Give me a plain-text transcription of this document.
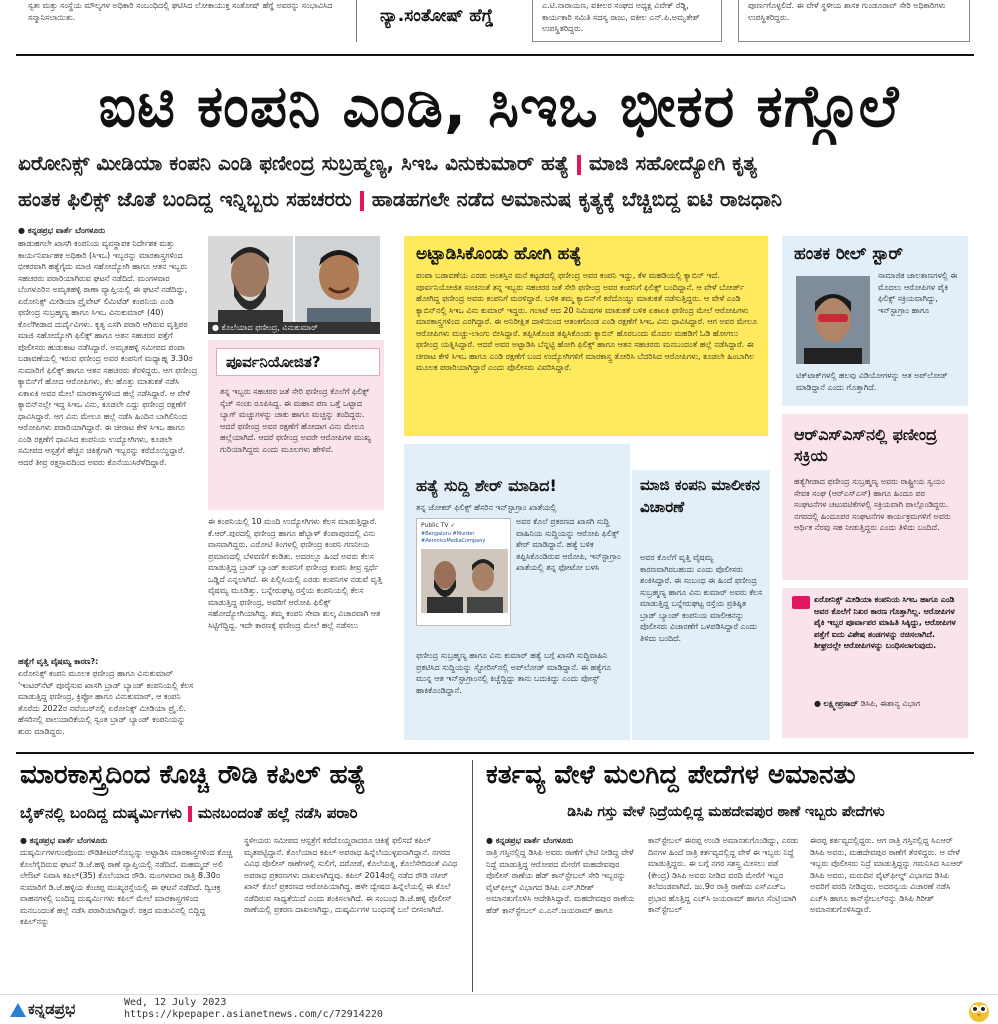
ಸ್ವತಃ ಮತ್ತು ಸಂಸ್ಥೆಯ ಮೌಲ್ಯಗಳ ಅಧಿಕಾರಿ ಸಂಬಂಧಿದಲ್ಲಿ ಘಟಿಸಿದ ಲೋಕಾಯುಕ್ತ ಸಂತೋಷ್ ಹೆಗ್ಡೆ ಅವರನ್ನು ಸಂಭಾವಿಸಿದ ಸನ್ಮಾನಿಸಲಾಯಿತು.	ನ್ಯಾ.ಸಂತೋಷ್ ಹೆಗ್ಡೆ
ಎ.ಟಿ.ನಾರಾಯಣ, ವಕೀಲರ ಸಂಘದ ಅಧ್ಯಕ್ಷ ವಿವೇಕ್ ರೆಡ್ಡಿ, ಕಾರ್ಯಕಾರಿ ಸಮಿತಿ ಸದಸ್ಯ ರಾಜು, ವಕೀಲ ಎನ್.ಪಿ.ಅಮೃತೇಶ್ ಉಪಸ್ಥಿತರಿದ್ದರು.
ಪೂರ್ಣಗೊಳ್ಳಲಿದೆ. ಈ ವೇಳೆ ಸ್ಥಳೀಯ ಶಾಸಕ ಗುಂಡೂರಾವ್ ಸೇರಿ ಅಧಿಕಾರಿಗಳು ಉಪಸ್ಥಿತರಿದ್ದರು.
ಐಟಿ ಕಂಪನಿ ಎಂಡಿ, ಸಿಇಒ ಭೀಕರ ಕಗ್ಗೊಲೆ
ಏರೋನಿಕ್ಸ್ ಮೀಡಿಯಾ ಕಂಪನಿ ಎಂಡಿ ಫಣೀಂದ್ರ ಸುಬ್ರಹ್ಮಣ್ಯ, ಸಿಇಒ ವಿನುಕುಮಾರ್ ಹತ್ಯೆ ಮಾಜಿ ಸಹೋದ್ಯೋಗಿ ಕೃತ್ಯ
ಹಂತಕ ಫಿಲಿಕ್ಸ್ ಜೊತೆ ಬಂದಿದ್ದ ಇನ್ನಿಬ್ಬರು ಸಹಚರರು ಹಾಡಹಗಲೇ ನಡೆದ ಅಮಾನುಷ ಕೃತ್ಯಕ್ಕೆ ಬೆಚ್ಚಿಬಿದ್ದ ಐಟಿ ರಾಜಧಾನಿ
● ಕನ್ನಡಪ್ರಭ ವಾರ್ತೆ ಬೆಂಗಳೂರು
ಹಾಡುಹಗಲೇ ಖಾಸಗಿ ಕಂಪನಿಯ ವ್ಯವಸ್ಥಾಪಕ ನಿರ್ದೇಶಕ ಮತ್ತು ಕಾರ್ಯನಿರ್ವಾಹಕ ಅಧಿಕಾರಿ (ಸಿಇಒ) ಇಬ್ಬರನ್ನು ಮಾರಕಾಸ್ತ್ರಗಳಿಂದ ಭೀಕರವಾಗಿ ಹತ್ಯೆಗೈದು ಮಾಜಿ ಸಹೋದ್ಯೋಗಿ ಹಾಗೂ ಆತನ ಇಬ್ಬರು ಸಹಚರರು ಪರಾರಿಯಾಗಿರುವ ಘಟನೆ ನಡೆದಿದೆ. ಮಂಗಳವಾರ ಬೆಂಗಳೂರಿನ ಅಮೃತಹಳ್ಳಿ ಠಾಣಾ ವ್ಯಾಪ್ತಿಯಲ್ಲಿ ಈ ಘಟನೆ ನಡೆದಿದ್ದು, ಏರೋನಿಕ್ಸ್ ಮೀಡಿಯಾ ಪ್ರೈವೇಟ್ ಲಿಮಿಟೆಡ್ ಕಂಪನಿಯ ಎಂಡಿ ಫಣೀಂದ್ರ ಸುಬ್ರಹ್ಮಣ್ಯ ಹಾಗೂ ಸಿಇಒ ವಿನುಕುಮಾರ್ (40) ಕೊಲೆಗೀಡಾದ ದುರ್ದೈವಿಗಳು. ಕೃತ್ಯ ಎಸಗಿ ಪರಾರಿ ಆಗಿರುವ ವೃತ್ತಿಪರ ಮಾಜಿ ಸಹೋದ್ಯೋಗಿ ಫಿಲಿಕ್ಸ್ ಹಾಗೂ ಆತನ ಸಹಚರರ ಪತ್ತೆಗೆ ಪೊಲೀಸರು ಹುಡುಕಾಟ ನಡೆಸಿದ್ದಾರೆ. ಅಮೃತಹಳ್ಳಿ ಸಮೀಪದ ಪಂಪಾ ಬಡಾವಣೆಯಲ್ಲಿ ಇರುವ ಫಣೀಂದ್ರ ಅವರ ಕಂಪನಿಗೆ ಮಧ್ಯಾಹ್ನ 3.30ರ ಸುಮಾರಿಗೆ ಫಿಲಿಕ್ಸ್ ಹಾಗೂ ಆತನ ಸಹಚರರು ತೆರಳಿದ್ದರು. ಆಗ ಫಣೀಂದ್ರ ಕ್ಯಾಬಿನ್‌ಗೆ ಹೋದ ಆರೋಪಿಗಳು, ಕೆಲ ಹೊತ್ತು ಮಾತುಕತೆ ನಡೆಸಿ ಏಕಾಏಕಿ ಅವರ ಮೇಲೆ ಮಾರಕಾಸ್ತ್ರಗಳಿಂದ ಹಲ್ಲೆ ನಡೆಸಿದ್ದಾರೆ. ಆ ವೇಳೆ ಕ್ಯಾಬಿನ್‌ನಲ್ಲೇ ಇದ್ದ ಸಿಇಒ ವಿನು, ಕೂಡಲೇ ಎದ್ದು ಫಣೀಂದ್ರ ರಕ್ಷಣೆಗೆ ಧಾವಿಸಿದ್ದಾರೆ. ಆಗ ವಿನು ಮೇಲೂ ಹಲ್ಲೆ ನಡೆಸಿ ಹಿಂದಿನ ಬಾಗಿಲಿನಿಂದ ಆರೋಪಿಗಳು ಪರಾರಿಯಾಗಿದ್ದಾರೆ. ಈ ಚೀರಾಟ ಕೇಳಿ ಸಿಇಒ ಹಾಗೂ ಎಂಡಿ ರಕ್ಷಣೆಗೆ ಧಾವಿಸಿದ ಕಂಪನಿಯ ಉದ್ಯೋಗಿಗಳು, ಕೂಡಲೇ ಸಮೀಪದ ಆಸ್ಪತ್ರೆಗೆ ಹೆಚ್ಚಿನ ಚಿಕಿತ್ಸೆಗಾಗಿ ಇಬ್ಬರನ್ನು ಕರೆದೊಯ್ದಿದ್ದಾರೆ. ಆದರೆ ತೀವ್ರ ರಕ್ತಸ್ರಾವದಿಂದ ಅವರು ಕೊನೆಯುಸಿರೆಳೆದಿದ್ದಾರೆ.
ಹತ್ಯೆಗೆ ವೃತ್ತಿ ವೈಷಮ್ಯ ಕಾರಣ?:
ಏರೋನಿಕ್ಸ್ ಕಂಪನಿ ಮೂಲಕ ಫಣೀಂದ್ರ ಹಾಗೂ ವಿನುಕುಮಾರ್ 'ಇಂಟರ್‌ನೆಟ್ ಪೂರೈಸುವ ಖಾಸಗಿ ಬ್ರಾಡ್ ಬ್ಯಾಂಡ್ ಕಂಪನಿಯಲ್ಲಿ ಕೆಲಸ ಮಾಡುತ್ತಿದ್ದ ಫಣೀಂದ್ರ, ಕ್ರಿಪ್ಟೋ ಹಾಗೂ ವಿನುಕುಮಾರ್, ಆ ಕಂಪನಿ ತೊರೆದು 2022ರ ನವೆಂಬರ್‌ನಲ್ಲಿ ಏರೋನಿಕ್ಸ್ ಮೀಡಿಯಾ ಪ್ರೈ.ಲಿ. ಹೆಸರಿನಲ್ಲಿ ಪಾಲುದಾರಿಕೆಯಲ್ಲಿ ಸ್ವಂತ ಬ್ರಾಡ್ ಬ್ಯಾಂಡ್ ಕಂಪನಿಯನ್ನು ಶುರು ಮಾಡಿದ್ದರು.
● ಕೊಲೆಯಾದ ಫಣೀಂದ್ರ, ವಿನುಕುಮಾರ್
ಪೂರ್ವನಿಯೋಜಿತ?
ತನ್ನ ಇಬ್ಬರು ಸಹಚರರ ಜತೆ ಸೇರಿ ಫಣೀಂದ್ರ ಕೊಲೆಗೆ ಫಿಲಿಕ್ಸ್ ಸ್ಕೆಚ್ ಸಂಚು ರೂಪಿಸಿದ್ದ. ಈ ಮಹಾನ ಪಣ ಒತ್ತೆ ಒಟ್ಟಾದ ಬ್ಯಾಗ್ ಮಚ್ಚುಗಳನ್ನು ಚಾಕು ಹಾಗೂ ಮಚ್ಚನ್ನು ತಂದಿದ್ದರು. ಆದರೆ ಫಣೀಂದ್ರ ಅವರ ರಕ್ಷಣೆಗೆ ಹೋದಾಗ ವಿನು ಮೇಲೂ ಹಲ್ಲೆಯಾಗಿದೆ. ಆದರೆ ಫಣೀಂದ್ರ ಅವರೇ ಆರೋಪಿಗಳ ಮುಖ್ಯ ಗುರಿಯಾಗಿದ್ದರು ಎಂದು ಮೂಲಗಳು ಹೇಳಿವೆ.
ಈ ಕಂಪನಿಯಲ್ಲಿ 10 ಮಂದಿ ಉದ್ಯೋಗಿಗಳು ಕೆಲಸ ಮಾಡುತ್ತಿದ್ದಾರೆ. ಕೆ.ಆರ್.ಪುರದಲ್ಲಿ ಫಣೀಂದ್ರ ಹಾಗೂ ಹೆಬ್ಬಾಳ್‌ ಕೆಂಪಾಪುರದಲ್ಲಿ ವಿನು ವಾಸವಾಗಿದ್ದರು. ಎರೋಟಿ ತಿಂಗಳಲ್ಲಿ ಫಣೀಂದ್ರ ಕಂಪನಿ ಗಣನೀಯ ಪ್ರಮಾಣದಲ್ಲಿ ಬೆಳವಣಿಗೆ ಕಂಡಿತು. ಅದರಲ್ಲೂ ಹಿಂದೆ ಅವರು ಕೆಲಸ ಮಾಡುತ್ತಿದ್ದ ಬ್ರಾಡ್ ಬ್ಯಾಂಡ್ ಕಂಪನಿಗೆ ಫಣೀಂದ್ರ ಕಂಪನಿ ತೀವ್ರ ಸ್ಪರ್ಧೆ ಒಡ್ಡಿದೆ ಎನ್ನಲಾಗಿದೆ. ಈ ಪಿಲ್ಲಿಸಿಯಲ್ಲಿ ಎರಡು ಕಂಪನಿಗಳ ನಡುವೆ ವೃತ್ತಿ ವೈಷಮ್ಯ ಮೂಡಿತ್ತು. ಬನ್ನೇರುಘಟ್ಟ ರಸ್ತೆಯ ಕಂಪನಿಯಲ್ಲಿ ಕೆಲಸ ಮಾಡುತ್ತಿದ್ದ ಫಣೀಂದ್ರ, ಅವರಿಗೆ ಆರೋಪಿ ಫಿಲಿಕ್ಸ್ ಸಹೋದ್ಯೋಗಿಯಾಗಿದ್ದ. ತಮ್ಮ ಕಂಪನಿ ಸೇವಾ ಶುಲ್ಕ ವಿಚಾರವಾಗಿ ಆತ ಸಿಟ್ಟಿಗೆದ್ದಿದ್ದ. ಇದೇ ಕಾರಣಕ್ಕೆ ಫಣೀಂದ್ರ ಮೇಲೆ ಹಲ್ಲೆ ನಡೆಸಲು
ಅಟ್ಟಾಡಿಸಿಕೊಂಡು ಹೋಗಿ ಹತ್ಯೆ
ಪಂಪಾ ಬಡಾವಣೆಯ ಎರಡು ಅಂತಸ್ತಿನ ಮನೆ ಕಟ್ಟಡದಲ್ಲಿ ಫಣೀಂದ್ರ ಅವರ ಕಂಪನಿ ಇದ್ದು, ಕೆಳ ಮಹಡಿಯಲ್ಲಿ ಕ್ಯಾಬಿನ್ ಇದೆ. ಪೂರ್ವನಿಯೋಜಿತ ಸಂಚಿನಂತೆ ತನ್ನ ಇಬ್ಬರು ಸಹಚರರ ಜತೆ ಸೇರಿ ಫಣೀಂದ್ರ ಅವರ ಕಂಪನಿಗೆ ಫಿಲಿಕ್ಸ್ ಬಂದಿದ್ದಾನೆ. ಆ ವೇಳೆ ಬೋರ್ಡ್ ಹೋಗಿದ್ದ ಫಣೀಂದ್ರ ಅವರು ಕಂಪನಿಗೆ ಮರಳಿದ್ದಾರೆ. ಬಳಿಕ ತಮ್ಮ ಕ್ಯಾಬಿನ್‌ಗೆ ಕರೆದೊಯ್ದು ಮಾತುಕತೆ ನಡೆಸುತ್ತಿದ್ದರು. ಆ ವೇಳೆ ಎಂಡಿ ಕ್ಯಾಬಿನ್‌ನಲ್ಲಿ ಸಿಇಒ ವಿನು ಕುಮಾರ್ ಇದ್ದರು. ಗಲಾಟೆ ಆದ 20 ನಿಮಿಷಗಳ ಮಾತುಕತೆ ಬಳಿಕ ಏಕಾಏಕಿ ಫಣೀಂದ್ರ ಮೇಲೆ ಆರೋಪಿಗಳು ಮಾರಕಾಸ್ತ್ರಗಳಿಂದ ಎರಗಿದ್ದಾರೆ. ಈ ಅನಿರೀಕ್ಷಿತ ದಾಳಿಯಿಂದ ಆತಂಕಗೊಂಡ ಎಂಡಿ ರಕ್ಷಣೆಗೆ ಸಿಇಒ ವಿನು ಧಾವಿಸಿದ್ದಾರೆ. ಆಗ ಅವರ ಮೇಲೂ ಆರೋಪಿಗಳು ಮಚ್ಚು-ಲಾಂಗು ಬೀಸಿದ್ದಾರೆ. ತಪ್ಪಿಸಿಕೊಂಡ ತಪ್ಪಿಸಿಕೊಂಡು ಕ್ಯಾಬಿನ್ ಹೊರಬಂದು ಮೊದಲ ಮಹಡಿಗೆ ಓಡಿ ಹೋಗಲು ಫಣೀಂದ್ರ ಯತ್ನಿಸಿದ್ದಾರೆ. ಆದರೆ ಅವರ ಅಟ್ಟಾಡಿಸಿ ಬೆನ್ನಟ್ಟಿ ಹೋಗಿ ಫಿಲಿಕ್ಸ್ ಹಾಗೂ ಆತನ ಸಹಚರರು ಮನಬಂದಂತೆ ಹಲ್ಲೆ ನಡೆಸಿದ್ದಾರೆ. ಈ ಚೀರಾಟ ಕೇಳಿ ಸಿಇಒ ಹಾಗೂ ಎಂಡಿ ರಕ್ಷಣೆಗೆ ಬಂದ ಉದ್ಯೋಗಿಗಳಿಗೆ ಮಾರಕಾಸ್ತ್ರ ತೋರಿಸಿ ಬೆದರಿಸಿದ ಆರೋಪಿಗಳು, ಕೂಡಲೇ ಹಿಂಬಾಗಿಲ ಮೂಲಕ ಪರಾರಿಯಾಗಿದ್ದಾರೆ ಎಂದು ಪೊಲೀಸರು ವಿವರಿಸಿದ್ದಾರೆ.
ಹಂತಕ ರೀಲ್ ಸ್ಟಾರ್
ಸಾಮಾಜಿಕ ಜಾಲತಾಣಗಳಲ್ಲಿ ಈ ಮೊದಲು ಆರೋಪಿಗಳ ಪೈಕಿ ಫಿಲಿಕ್ಸ್ ಸಕ್ರಿಯವಾಗಿದ್ದು, ಇನ್‌ಸ್ಟಾಗ್ರಾಂ ಹಾಗೂ
ಟಿಕ್‌ಟಾಕ್‌ಗಳಲ್ಲಿ ಹಲವು ವಿಡಿಯೋಗಳನ್ನು ಆತ ಅಪ್‌ಲೋಡ್ ಮಾಡಿದ್ದಾನೆ ಎಂದು ಗೊತ್ತಾಗಿದೆ.
ಆರ್‌ಎಸ್‌ಎಸ್‌ನಲ್ಲಿ ಫಣೀಂದ್ರ ಸಕ್ರಿಯ
ಹತ್ಯೆಗೀಡಾದ ಫಣೀಂದ್ರ ಸುಬ್ರಹ್ಮಣ್ಯ ಅವರು ರಾಷ್ಟ್ರೀಯ ಸ್ವಯಂ ಸೇವಕ ಸಂಘ (ಆರ್‌ಎಸ್‌ಎಸ್) ಹಾಗೂ ಹಿಂದೂ ಪರ ಸಂಘಟನೆಗಳ ಚಟುವಟಿಕೆಗಳಲ್ಲಿ ಸಕ್ರಿಯವಾಗಿ ಪಾಲ್ಗೊಂಡಿದ್ದರು. ನಗರದಲ್ಲಿ ಹಿಂದೂಪರ ಸಂಘಟನೆಗಳ ಕಾರ್ಯಕ್ರಮಗಳಿಗೆ ಅವರು ಆರ್ಥಿಕ ನೆರವು ಸಹ ನೀಡುತ್ತಿದ್ದರು ಎಂದು ತಿಳಿದು ಬಂದಿದೆ.
ಏರೋನಿಕ್ಸ್ ಮೀಡಿಯಾ ಕಂಪನಿಯ ಸಿಇಒ ಹಾಗೂ ಎಂಡಿ ಅವರ ಕೊಲೆಗೆ ನಿಖರ ಕಾರಣ ಗೊತ್ತಾಗಿಲ್ಲ. ಆರೋಪಿಗಳ ಪೈಕಿ ಇಬ್ಬರ ಪೂರ್ವಾಪರ ಮಾಹಿತಿ ಸಿಕ್ಕಿದ್ದು, ಆರೋಪಿಗಳ ಪತ್ತೆಗೆ ಐದು ವಿಶೇಷ ತಂಡಗಳನ್ನು ರಚಿಸಲಾಗಿದೆ. ಶೀಘ್ರದಲ್ಲೇ ಆರೋಪಿಗಳನ್ನು ಬಂಧಿಸಲಾಗುವುದು.
● ಲಕ್ಷ್ಮೀಪ್ರಸಾದ್ ಡಿಸಿಪಿ, ಈಶಾನ್ಯ ವಿಭಾಗ
ಹತ್ಯೆ ಸುದ್ದಿ ಶೇರ್ ಮಾಡಿದ!
ತನ್ನ ಜೋಕರ್ ಫಿಲಿಕ್ಸ್ ಹೆಸರಿನ ಇನ್‌ಸ್ಟಾಗ್ರಾಂ ಖಾತೆಯಲ್ಲಿ
Public TV ✓
#Bengaluru #Murder
#AeronicsMediaCompany
ಅವರ ಕೊಲೆ ಪ್ರಕರಣದ ಖಾಸಗಿ ಸುದ್ದಿ ವಾಹಿನಿಯ ಸುದ್ದಿಯನ್ನು ಆರೋಪಿ ಫಿಲಿಕ್ಸ್ ಶೇರ್ ಮಾಡಿದ್ದಾನೆ. ಹತ್ಯೆ ಬಳಿಕ ತಪ್ಪಿಸಿಕೊಂಡಿರುವ ಆರೋಪಿ, ಇನ್‌ಸ್ಟಾಗ್ರಾಂ ಖಾತೆಯಲ್ಲಿ ತನ್ನ ಫೋಟೋ ಬಳಸಿ
ಫಣೀಂದ್ರ ಸುಬ್ರಹ್ಮಣ್ಯ ಹಾಗೂ ವಿನು ಕುಮಾರ್ ಹತ್ಯೆ ಬಗ್ಗೆ ಖಾಸಗಿ ಸುದ್ದಿವಾಹಿನಿ ಪ್ರಕಟಿಸಿದ ಸುದ್ದಿಯನ್ನು ಸ್ಟೋರಿಸ್‌ನಲ್ಲಿ ಅಪ್‌ಲೋಡ್ ಮಾಡಿದ್ದಾನೆ. ಈ ಹತ್ಯೆಗೂ ಮುನ್ನ ಆತ ಇನ್‌ಸ್ಟಾಗ್ರಾಂನಲ್ಲಿ ಕಿಚ್ಚೆದ್ದಿದ್ದು ತಾನು ಬದುಕಿದ್ದು ಎಂದು ಪೋಸ್ಟ್ ಹಾಕಿಕೊಂಡಿದ್ದಾನೆ.
ಮಾಜಿ ಕಂಪನಿ ಮಾಲೀಕನ ವಿಚಾರಣೆ
ಅವರ ಕೊಲೆಗೆ ವೃತ್ತಿ ವೈಷಮ್ಯ ಕಾರಣವಾಗಿರಬಹುದು ಎಂದು ಪೊಲೀಸರು ಶಂಕಿಸಿದ್ದಾರೆ. ಈ ಸಂಬಂಧ ಈ ಹಿಂದೆ ಫಣೀಂದ್ರ ಸುಬ್ರಹ್ಮಣ್ಯ ಹಾಗೂ ವಿನು ಕುಮಾರ್ ಅವರು ಕೆಲಸ ಮಾಡುತ್ತಿದ್ದ ಬನ್ನೇರುಘಟ್ಟ ರಸ್ತೆಯ ಪ್ರತಿಷ್ಠಿತ ಬ್ರಾಡ್ ಬ್ಯಾಂಡ್ ಕಂಪನಿಯ ಮಾಲೀಕನನ್ನು ಪೊಲೀಸರು ವಿಚಾರಣೆಗೆ ಒಳಪಡಿಸಿದ್ದಾರೆ ಎಂದು ತಿಳಿದು ಬಂದಿದೆ.
ಮಾರಕಾಸ್ತ್ರದಿಂದ ಕೊಚ್ಚಿ ರೌಡಿ ಕಪಿಲ್ ಹತ್ಯೆ
ಬೈಕ್‌ನಲ್ಲಿ ಬಂದಿದ್ದ ದುಷ್ಕರ್ಮಿಗಳು ಮನಬಂದಂತೆ ಹಲ್ಲೆ ನಡೆಸಿ ಪರಾರಿ
● ಕನ್ನಡಪ್ರಭ ವಾರ್ತೆ ಬೆಂಗಳೂರು
ದುಷ್ಕರ್ಮಿಗಳಗುಂಪೊಂದು ರೌಡಿಶೀಟರ್‌ನೊಬ್ಬನ್ನು ಅಟ್ಟಾಡಿಸಿ ಮಾರಕಾಸ್ತ್ರಗಳಿಂದ ಕೊಚ್ಚಿ ಕೊಲೆಗೈದಿರುವ ಘಟನೆ ಡಿ.ಜೆ.ಹಳ್ಳಿ ಠಾಣೆ ವ್ಯಾಪ್ತಿಯಲ್ಲಿ ನಡೆದಿದೆ. ಮಹಮ್ಮದ್ ಅಲಿ ಲೇಔಟ್ ನಿವಾಸಿ ಕಪಿಲ್(35) ಕೊಲೆಯಾದ ರೌಡಿ. ಮಂಗಳವಾರ ರಾತ್ರಿ 8.30ರ ಸುಮಾರಿಗೆ ಡಿ.ಜೆ.ಹಳ್ಳಿಯ ಕೆಂಚಪ್ಪ ಮುಖ್ಯರಸ್ತೆಯಲ್ಲಿ ಈ ಘಟನೆ ನಡೆದಿದೆ. ದ್ವಿಚಕ್ರ ವಾಹನಗಳಲ್ಲಿ ಬಂದಿದ್ದ ದುಷ್ಕರ್ಮಿಗಳು ಕಪಿಲ್ ಮೇಲೆ ಮಾರಕಾಸ್ತ್ರಗಳಿಂದ ಮನಬಂದಂತೆ ಹಲ್ಲೆ ನಡೆಸಿ ಪರಾರಿಯಾಗಿದ್ದಾರೆ. ರಕ್ತದ ಮಡುವಿನಲ್ಲಿ ಬಿದ್ದಿದ್ದ ಕಪಿಲ್‌ನನ್ನು
ಸ್ಥಳೀಯರು ಸಮೀಪದ ಆಸ್ಪತ್ರೆಗೆ ಕರೆದೊಯ್ದರಾದರೂ ಚಿಕಿತ್ಸೆ ಫಲಿಸದೆ ಕಪಿಲ್ ಮೃತಪಟ್ಟಿದ್ದಾನೆ. ಕೊಲೆಯಾದ ಕಪಿಲ್ ಅಪರಾಧ ಹಿನ್ನೆಲೆಯುಳ್ಳವನಾಗಿದ್ದಾನೆ. ನಗರದ ವಿವಿಧ ಪೊಲೀಸ್ ಠಾಣೆಗಳಲ್ಲಿ ಸುಲಿಗೆ, ದರೋಡೆ, ಕೊಲೆಯತ್ನ, ಕೊಲೆಸೇರಿದಂತೆ ವಿವಿಧ ಅಪರಾಧ ಪ್ರಕರಣಗಳು ದಾಖಲಾಗಿದ್ದವು. ಕಪಿಲ್ 2014ರಲ್ಲಿ ನಡೆದ ರೌಡಿ ನಸೀರ್ ಖಾನ್ ಕೊಲೆ ಪ್ರಕರಣದ ಆರೋಪಿಯಾಗಿದ್ದ. ಹಳೇ ದ್ವೇಷದ ಹಿನ್ನೆಲೆಯಲ್ಲಿ ಈ ಕೊಲೆ ನಡೆದಿರುವ ಸಾಧ್ಯತೆಯಿದೆ ಎಂದು ಶಂಕಿಸಲಾಗಿದೆ. ಈ ಸಂಬಂಧ ಡಿ.ಜೆ.ಹಳ್ಳಿ ಪೊಲೀಸ್ ಠಾಣೆಯಲ್ಲಿ ಪ್ರಕರಣ ದಾಖಲಾಗಿದ್ದು, ದುಷ್ಕರ್ಮಿಗಳ ಬಂಧನಕ್ಕೆ ಬಲೆ ಬೀಸಲಾಗಿದೆ.
ಕರ್ತವ್ಯ ವೇಳೆ ಮಲಗಿದ್ದ ಪೇದೆಗಳ ಅಮಾನತು
ಡಿಸಿಪಿ ಗಸ್ತು ವೇಳೆ ನಿದ್ರೆಯಲ್ಲಿದ್ದ ಮಹದೇವಪುರ ಠಾಣೆ ಇಬ್ಬರು ಪೇದೆಗಳು
● ಕನ್ನಡಪ್ರಭ ವಾರ್ತೆ ಬೆಂಗಳೂರು
ರಾತ್ರಿ ಗಸ್ತಿನಲ್ಲಿದ್ದ ಡಿಸಿಪಿ ಅವರು ಠಾಣೆಗೆ ಭೇಟಿ ನೀಡಿದ್ದ ವೇಳೆ ನಿದ್ದೆ ಮಾಡುತ್ತಿದ್ದ ಆರೋಪದ ಮೇರೆಗೆ ಮಹದೇವಪುರ ಪೊಲೀಸ್ ಠಾಣೆಯ ಹೆಡ್ ಕಾನ್‌ಸ್ಟೇಬಲ್ ಸೇರಿ ಇಬ್ಬರನ್ನು ವೈಟ್‌ಫೀಲ್ಡ್ ವಿಭಾಗದ ಡಿಸಿಪಿ ಎಸ್.ಗಿರೀಶ್ ಅಮಾನತುಗೊಳಿಸಿ ಆದೇಶಿಸಿದ್ದಾರೆ. ಮಹದೇವಪುರ ಠಾಣೆಯ ಹೆಡ್ ಕಾನ್‌ಸ್ಟೇಬಲ್ ಎ.ಎನ್.ಜಯರಾಮ್ ಹಾಗೂ
ಕಾನ್‌ಸ್ಟೇಬಲ್ ಈರಪ್ಪ ಉಂಡಿ ಅಮಾನತುಗೊಂಡಿದ್ದು, ಎರಡು ದಿನಗಳ ಹಿಂದೆ ರಾತ್ರಿ ಕರ್ತವ್ಯದಲ್ಲಿದ್ದ ವೇಳೆ ಈ ಇಬ್ಬರು ನಿದ್ದೆ ಮಾಡುತ್ತಿದ್ದರು. ಈ ಬಗ್ಗೆ ನಗರ ಸಶಸ್ತ್ರ ಮೀಸಲು ಪಡೆ (ಕೇಂದ್ರ) ಡಿಸಿಪಿ ಅವರು ನೀಡಿದ ವರದಿ ಮೇರೆಗೆ ಇಬ್ಬರ ತಲೆದಂಡವಾಗಿದೆ. ಜು.9ರ ರಾತ್ರಿ ಠಾಣೆಯ ಎಸ್‌ಎಚ್‌ಒ ಪ್ರಭಾರ ಹೊತ್ತಿದ್ದ ಎಚ್‌ಸಿ ಜಯರಾಮ್ ಹಾಗೂ ಸೆಂಟ್ರಿಯಾಗಿ ಕಾನ್‌ಸ್ಟೇಬಲ್
ಈರಪ್ಪ ಕರ್ತವ್ಯದಲ್ಲಿದ್ದರು. ಆಗ ರಾತ್ರಿ ಗಸ್ತಿನಲ್ಲಿದ್ದ ಸಿಎಆರ್ ಡಿಸಿಪಿ ಅವರು, ಮಹದೇವಪುರ ಠಾಣೆಗೆ ತೆರಳಿದ್ದರು. ಆ ವೇಳೆ ಇಬ್ಬರು ಪೊಲೀಸರು ನಿದ್ರೆ ಮಾಡುತ್ತಿದ್ದನ್ನು ಗಮನಿಸಿದ ಸಿಎಆರ್ ಡಿಸಿಪಿ ಅವರು, ಮರುದಿನ ವೈಟ್‌ಫೀಲ್ಡ್ ವಿಭಾಗದ ಡಿಸಿಪಿ ಅವರಿಗೆ ವರದಿ ನೀಡಿದ್ದರು. ಅದರನ್ವಯ ವಿಚಾರಣೆ ನಡೆಸಿ ಎಚ್‌ಸಿ ಹಾಗೂ ಕಾನ್‌ಸ್ಟೇಬಲ್‌ರನ್ನು ಡಿಸಿಪಿ ಗಿರೀಶ್ ಅಮಾನತುಗೊಳಿಸಿದ್ದಾರೆ.
ಕನ್ನಡಪ್ರಭ	Wed, 12 July 2023
https://kpepaper.asianetnews.com/c/72914220
